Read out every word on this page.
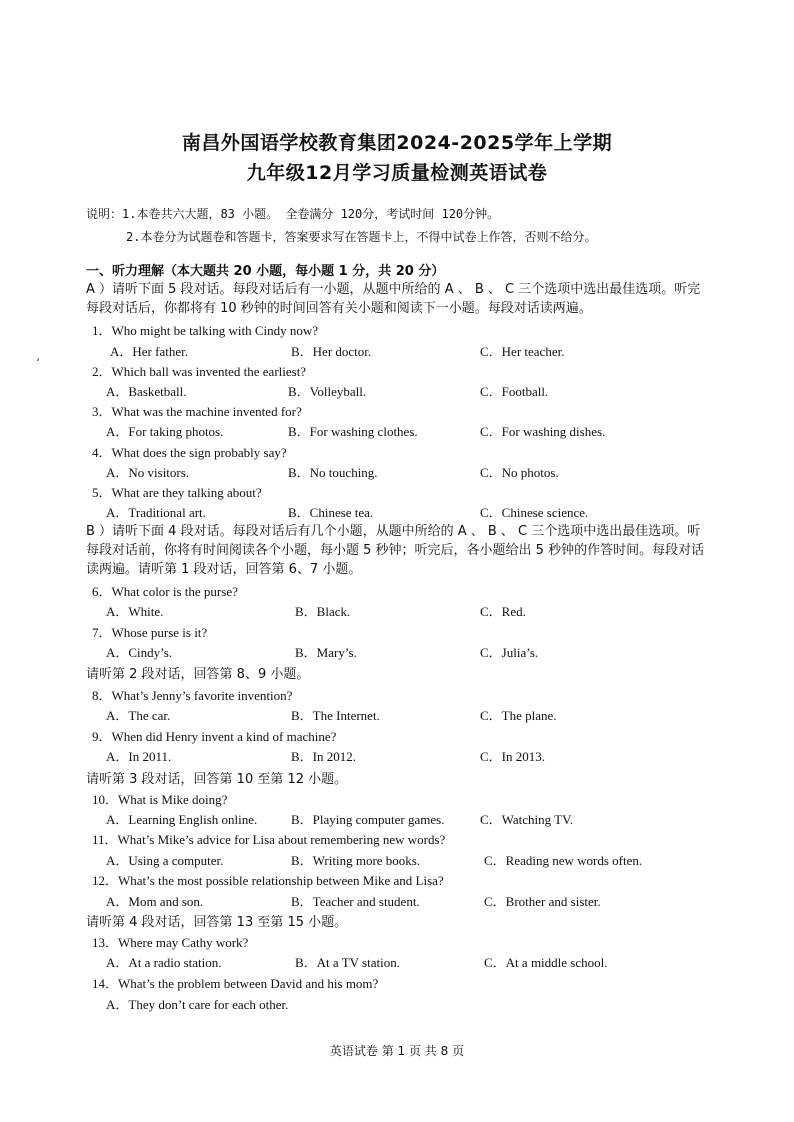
南昌外国语学校教育集团2024-2025学年上学期
九年级12月学习质量检测英语试卷
说明：1.本卷共六大题，83 小题。 全卷满分 120分，考试时间 120分钟。
2.本卷分为试题卷和答题卡，答案要求写在答题卡上，不得中试卷上作答，否则不给分。
一、听力理解（本大题共 20 小题，每小题 1 分，共 20 分）
A ）请听下面 5 段对话。每段对话后有一小题，从题中所给的 A 、 B 、 C 三个选项中选出最佳选项。听完每段对话后，你都将有 10 秒钟的时间回答有关小题和阅读下一小题。每段对话读两遍。
ʻ
1．Who might be talking with Cindy now?
A．Her father.	B．Her doctor.	C．Her teacher.
2．Which ball was invented the earliest?
A．Basketball.	B．Volleyball.	C．Football.
3．What was the machine invented for?
A．For taking photos.	B．For washing clothes.	C．For washing dishes.
4．What does the sign probably say?
A．No visitors.	B．No touching.	C．No photos.
5．What are they talking about?
A．Traditional art.	B．Chinese tea.	C．Chinese science.
B ）请听下面 4 段对话。每段对话后有几个小题，从题中所给的 A 、 B 、 C 三个选项中选出最佳选项。听每段对话前，你将有时间阅读各个小题，每小题 5 秒钟；听完后，各小题给出 5 秒钟的作答时间。每段对话读两遍。请听第 1 段对话，回答第 6、7 小题。
6．What color is the purse?
A．White.	B．Black.	C．Red.
7．Whose purse is it?
A．Cindy’s.	B．Mary’s.	C．Julia’s.
请听第 2 段对话，回答第 8、9 小题。
8．What’s Jenny’s favorite invention?
A．The car.	B．The Internet.	C．The plane.
9．When did Henry invent a kind of machine?
A．In 2011.	B．In 2012.	C．In 2013.
请听第 3 段对话，回答第 10 至第 12 小题。
10．What is Mike doing?
A．Learning English online.	B．Playing computer games.	C．Watching TV.
11．What’s Mike’s advice for Lisa about remembering new words?
A．Using a computer.	B．Writing more books.	C．Reading new words often.
12．What’s the most possible relationship between Mike and Lisa?
A．Mom and son.	B．Teacher and student.	C．Brother and sister.
请听第 4 段对话，回答第 13 至第 15 小题。
13．Where may Cathy work?
A．At a radio station.	B．At a TV station.	C．At a middle school.
14．What’s the problem between David and his mom?
A．They don’t care for each other.
英语试卷 第 1 页 共 8 页
